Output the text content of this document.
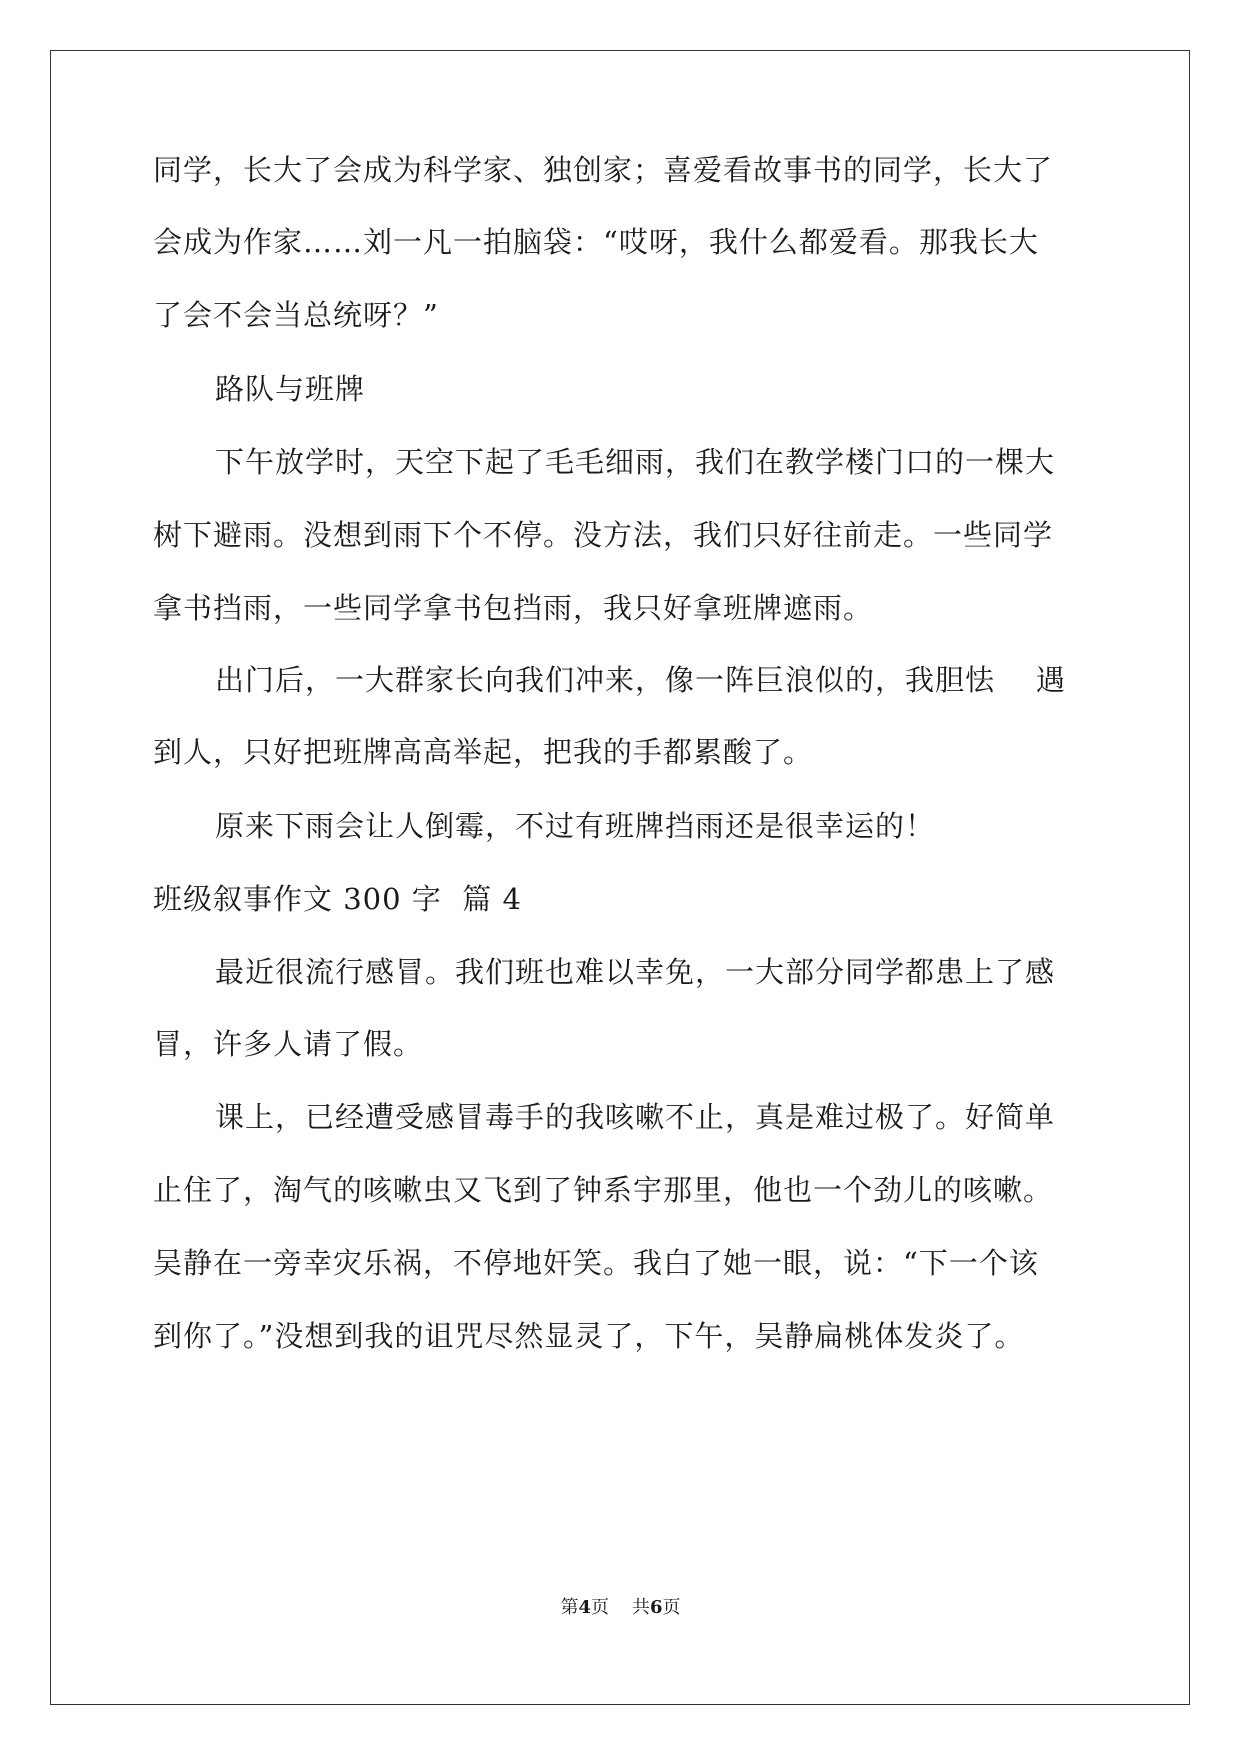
同学，长大了会成为科学家、独创家；喜爱看故事书的同学，长大了
会成为作家……刘一凡一拍脑袋：“哎呀，我什么都爱看。那我长大
了会不会当总统呀？”
路队与班牌
下午放学时，天空下起了毛毛细雨，我们在教学楼门口的一棵大
树下避雨。没想到雨下个不停。没方法，我们只好往前走。一些同学
拿书挡雨，一些同学拿书包挡雨，我只好拿班牌遮雨。
出门后，一大群家长向我们冲来，像一阵巨浪似的，我胆怯    遇
到人，只好把班牌高高举起，把我的手都累酸了。
原来下雨会让人倒霉，不过有班牌挡雨还是很幸运的！
班级叙事作文 300 字  篇 4
最近很流行感冒。我们班也难以幸免，一大部分同学都患上了感
冒，许多人请了假。
课上，已经遭受感冒毒手的我咳嗽不止，真是难过极了。好简单
止住了，淘气的咳嗽虫又飞到了钟系宇那里，他也一个劲儿的咳嗽。
吴静在一旁幸灾乐祸，不停地奸笑。我白了她一眼，说：“下一个该
到你了。”没想到我的诅咒尽然显灵了，下午，吴静扁桃体发炎了。
第4页    共6页
